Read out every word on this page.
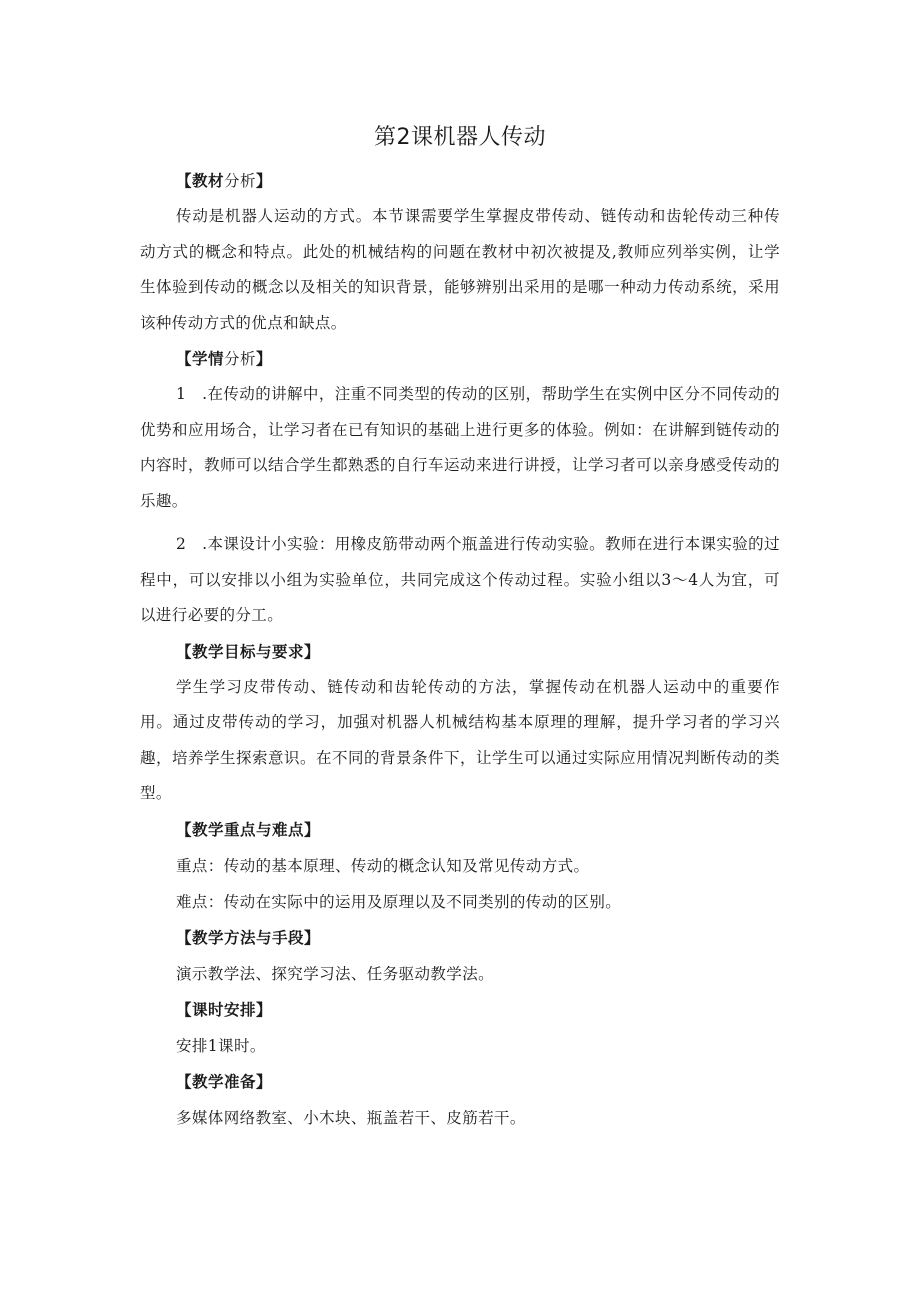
第2课机器人传动
【教材分析】

传动是机器人运动的方式。本节课需要学生掌握皮带传动、链传动和齿轮传动三种传动方式的概念和特点。此处的机械结构的问题在教材中初次被提及,教师应列举实例，让学生体验到传动的概念以及相关的知识背景，能够辨别出采用的是哪一种动力传动系统，采用该种传动方式的优点和缺点。

【学情分析】

1　.在传动的讲解中，注重不同类型的传动的区别，帮助学生在实例中区分不同传动的优势和应用场合，让学习者在已有知识的基础上进行更多的体验。例如：在讲解到链传动的内容时，教师可以结合学生都熟悉的自行车运动来进行讲授，让学习者可以亲身感受传动的乐趣。

2　.本课设计小实验：用橡皮筋带动两个瓶盖进行传动实验。教师在进行本课实验的过程中，可以安排以小组为实验单位，共同完成这个传动过程。实验小组以3～4人为宜，可以进行必要的分工。

【教学目标与要求】

学生学习皮带传动、链传动和齿轮传动的方法，掌握传动在机器人运动中的重要作用。通过皮带传动的学习，加强对机器人机械结构基本原理的理解，提升学习者的学习兴趣，培养学生探索意识。在不同的背景条件下，让学生可以通过实际应用情况判断传动的类型。

【教学重点与难点】
重点：传动的基本原理、传动的概念认知及常见传动方式。
难点：传动在实际中的运用及原理以及不同类别的传动的区别。
【教学方法与手段】
演示教学法、探究学习法、任务驱动教学法。
【课时安排】
安排1课时。
【教学准备】
多媒体网络教室、小木块、瓶盖若干、皮筋若干。
